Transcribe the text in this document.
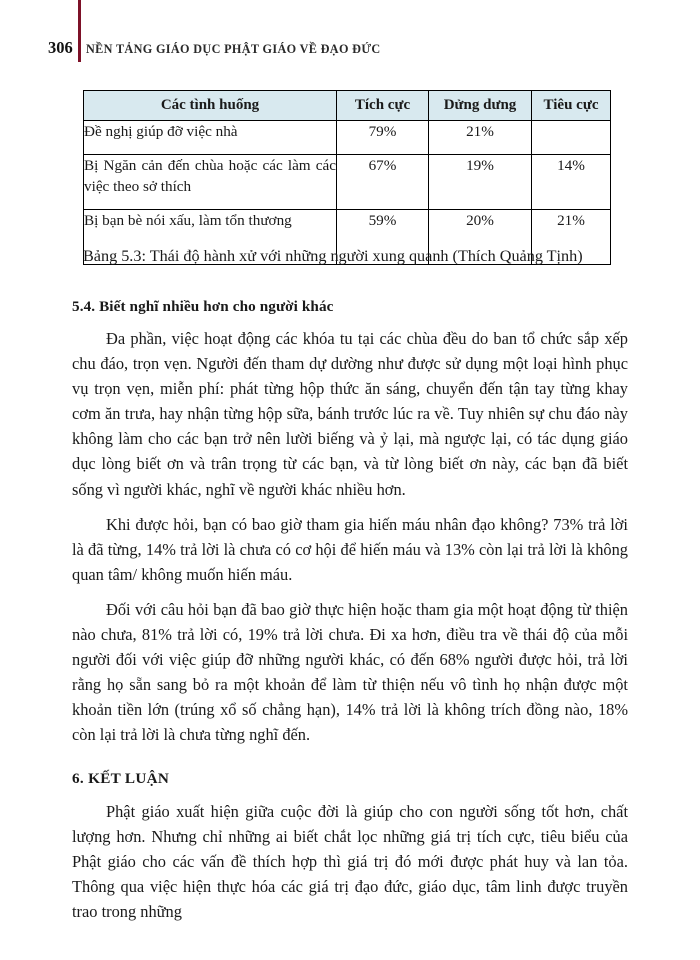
306 NỀN TẢNG GIÁO DỤC PHẬT GIÁO VỀ ĐẠO ĐỨC
Các tình huống	Tích cực	Dửng dưng	Tiêu cực
Đề nghị giúp đỡ việc nhà	79%	21%	
Bị Ngăn cản đến chùa hoặc các làm các việc theo sở thích	67%	19%	14%
Bị bạn bè nói xấu, làm tổn thương	59%	20%	21%
Bảng 5.3: Thái độ hành xử với những người xung quanh (Thích Quảng Tịnh)
5.4. Biết nghĩ nhiều hơn cho người khác

Đa phần, việc hoạt động các khóa tu tại các chùa đều do ban tổ chức sắp xếp chu đáo, trọn vẹn. Người đến tham dự dường như được sử dụng một loại hình phục vụ trọn vẹn, miễn phí: phát từng hộp thức ăn sáng, chuyển đến tận tay từng khay cơm ăn trưa, hay nhận từng hộp sữa, bánh trước lúc ra về. Tuy nhiên sự chu đáo này không làm cho các bạn trở nên lười biếng và ỷ lại, mà ngược lại, có tác dụng giáo dục lòng biết ơn và trân trọng từ các bạn, và từ lòng biết ơn này, các bạn đã biết sống vì người khác, nghĩ về người khác nhiều hơn.

Khi được hỏi, bạn có bao giờ tham gia hiến máu nhân đạo không? 73% trả lời là đã từng, 14% trả lời là chưa có cơ hội để hiến máu và 13% còn lại trả lời là không quan tâm/ không muốn hiến máu.

Đối với câu hỏi bạn đã bao giờ thực hiện hoặc tham gia một hoạt động từ thiện nào chưa, 81% trả lời có, 19% trả lời chưa. Đi xa hơn, điều tra về thái độ của mỗi người đối với việc giúp đỡ những người khác, có đến 68% người được hỏi, trả lời rằng họ sẵn sang bỏ ra một khoản để làm từ thiện nếu vô tình họ nhận được một khoản tiền lớn (trúng xổ số chẳng hạn), 14% trả lời là không trích đồng nào, 18% còn lại trả lời là chưa từng nghĩ đến.

6. KẾT LUẬN

Phật giáo xuất hiện giữa cuộc đời là giúp cho con người sống tốt hơn, chất lượng hơn. Nhưng chỉ những ai biết chắt lọc những giá trị tích cực, tiêu biểu của Phật giáo cho các vấn đề thích hợp thì giá trị đó mới được phát huy và lan tỏa. Thông qua việc hiện thực hóa các giá trị đạo đức, giáo dục, tâm linh được truyền trao trong những
